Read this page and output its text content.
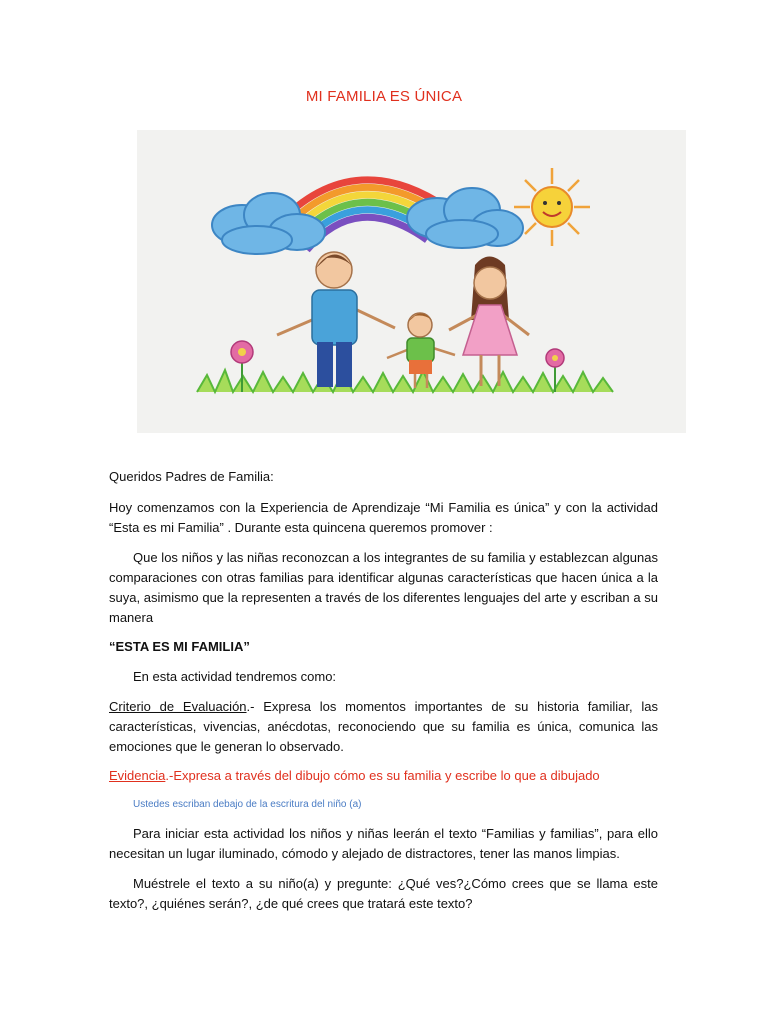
MI FAMILIA ES ÚNICA
Queridos Padres de Familia:
Hoy comenzamos con la Experiencia de Aprendizaje “Mi Familia es única” y con la actividad “Esta es mi Familia” . Durante esta quincena queremos promover :
Que los niños y las niñas reconozcan a los integrantes de su familia y establezcan algunas comparaciones con otras familias para identificar algunas características que hacen única a la suya, asimismo que la representen a través de los diferentes lenguajes del arte y escriban a su manera
“ESTA ES MI FAMILIA”
En esta actividad tendremos como:
Criterio de Evaluación.- Expresa los momentos importantes de su historia familiar, las características, vivencias, anécdotas, reconociendo que su familia es única, comunica las emociones que le generan lo observado.
Evidencia.-Expresa a través del dibujo cómo es su familia y escribe lo que a dibujado
Ustedes escriban debajo de la escritura del niño (a)
Para iniciar esta actividad los niños y niñas leerán el texto “Familias y familias”, para ello necesitan un lugar iluminado, cómodo y alejado de distractores, tener las manos limpias.
Muéstrele el texto a su niño(a) y pregunte: ¿Qué ves?¿Cómo crees que se llama este texto?, ¿quiénes serán?, ¿de qué crees que tratará este texto?
